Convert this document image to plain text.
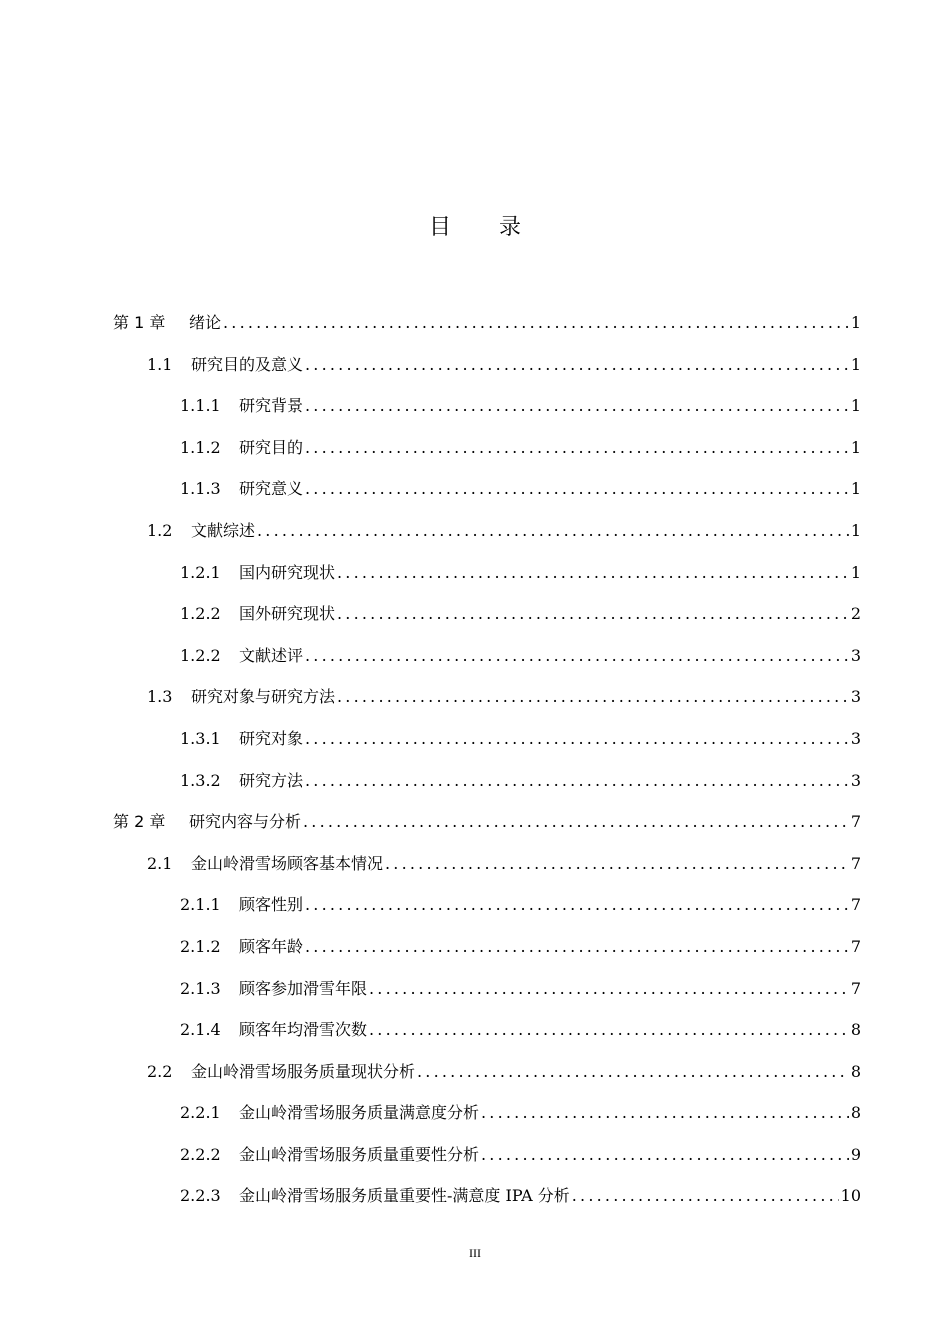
目 录
第 1 章	绪论 .....	1
1.1	研究目的及意义 .....	1
1.1.1	研究背景 .....	1
1.1.2	研究目的 .....	1
1.1.3	研究意义 .....	1
1.2	文献综述 .....	1
1.2.1	国内研究现状 .....	1
1.2.2	国外研究现状 .....	2
1.2.2	文献述评 .....	3
1.3	研究对象与研究方法 .....	3
1.3.1	研究对象 .....	3
1.3.2	研究方法 .....	3
第 2 章	研究内容与分析 .....	7
2.1	金山岭滑雪场顾客基本情况 .....	7
2.1.1	顾客性别 .....	7
2.1.2	顾客年龄 .....	7
2.1.3	顾客参加滑雪年限 .....	7
2.1.4	顾客年均滑雪次数 .....	8
2.2	金山岭滑雪场服务质量现状分析 .....	8
2.2.1	金山岭滑雪场服务质量满意度分析 .....	8
2.2.2	金山岭滑雪场服务质量重要性分析 .....	9
2.2.3	金山岭滑雪场服务质量重要性-满意度 IPA 分析 .....	10
III
